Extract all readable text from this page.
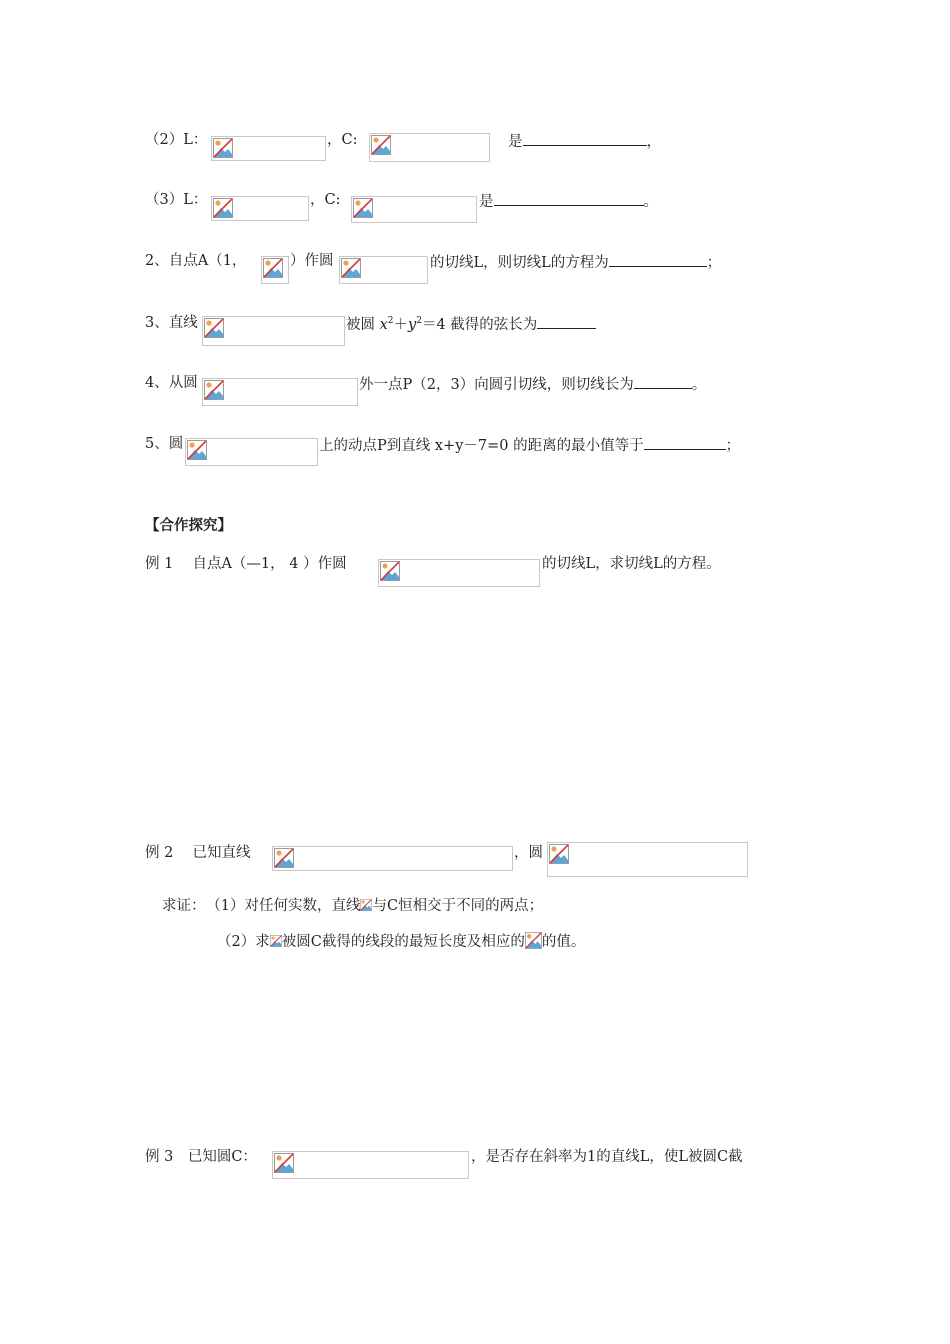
（2）L：	，C:	是	，
（3）L：	，C:	是	。
2、自点A（1，	）作圆	的切线L，则切线L的方程为	；
3、直线	被圆 $x^2+y^2=4$ 截得的弦长为
4、从圆	外一点P（2，3）向圆引切线，则切线长为	。
5、圆	上的动点P到直线 x+y－7=0 的距离的最小值等于	；
【合作探究】
例 1　 自点A（—1， 4 ）作圆	的切线L，求切线L的方程。
例 2　 已知直线	，圆
求证： （1）对任何实数，直线 与C恒相交于不同的两点；
（2）求 被圆C截得的线段的最短长度及相应的 的值。
例 3　已知圆C：	，是否存在斜率为1的直线L，使L被圆C截
